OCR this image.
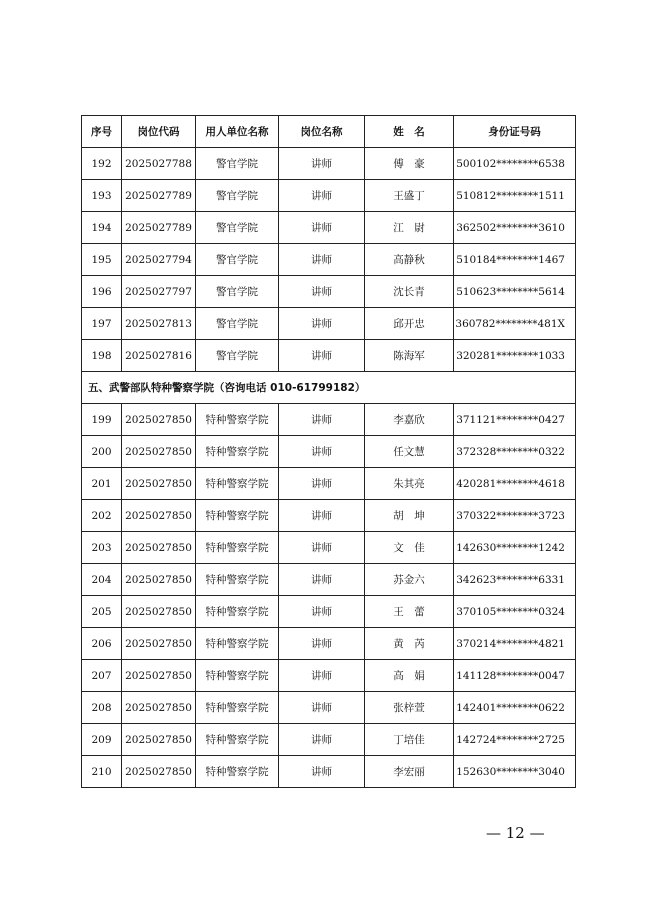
序号	岗位代码	用人单位名称	岗位名称	姓　名	身份证号码
192	2025027788	警官学院	讲师	傅　豪	500102********6538
193	2025027789	警官学院	讲师	王盛丁	510812********1511
194	2025027789	警官学院	讲师	江　尉	362502********3610
195	2025027794	警官学院	讲师	高静秋	510184********1467
196	2025027797	警官学院	讲师	沈长青	510623********5614
197	2025027813	警官学院	讲师	邱开忠	360782********481X
198	2025027816	警官学院	讲师	陈海军	320281********1033
五、武警部队特种警察学院（咨询电话 010-61799182）					
199	2025027850	特种警察学院	讲师	李嘉欣	371121********0427
200	2025027850	特种警察学院	讲师	任文慧	372328********0322
201	2025027850	特种警察学院	讲师	朱其亮	420281********4618
202	2025027850	特种警察学院	讲师	胡　坤	370322********3723
203	2025027850	特种警察学院	讲师	文　佳	142630********1242
204	2025027850	特种警察学院	讲师	苏金六	342623********6331
205	2025027850	特种警察学院	讲师	王　蕾	370105********0324
206	2025027850	特种警察学院	讲师	黄　芮	370214********4821
207	2025027850	特种警察学院	讲师	高　娟	141128********0047
208	2025027850	特种警察学院	讲师	张梓萱	142401********0622
209	2025027850	特种警察学院	讲师	丁培佳	142724********2725
210	2025027850	特种警察学院	讲师	李宏丽	152630********3040
— 12 —
